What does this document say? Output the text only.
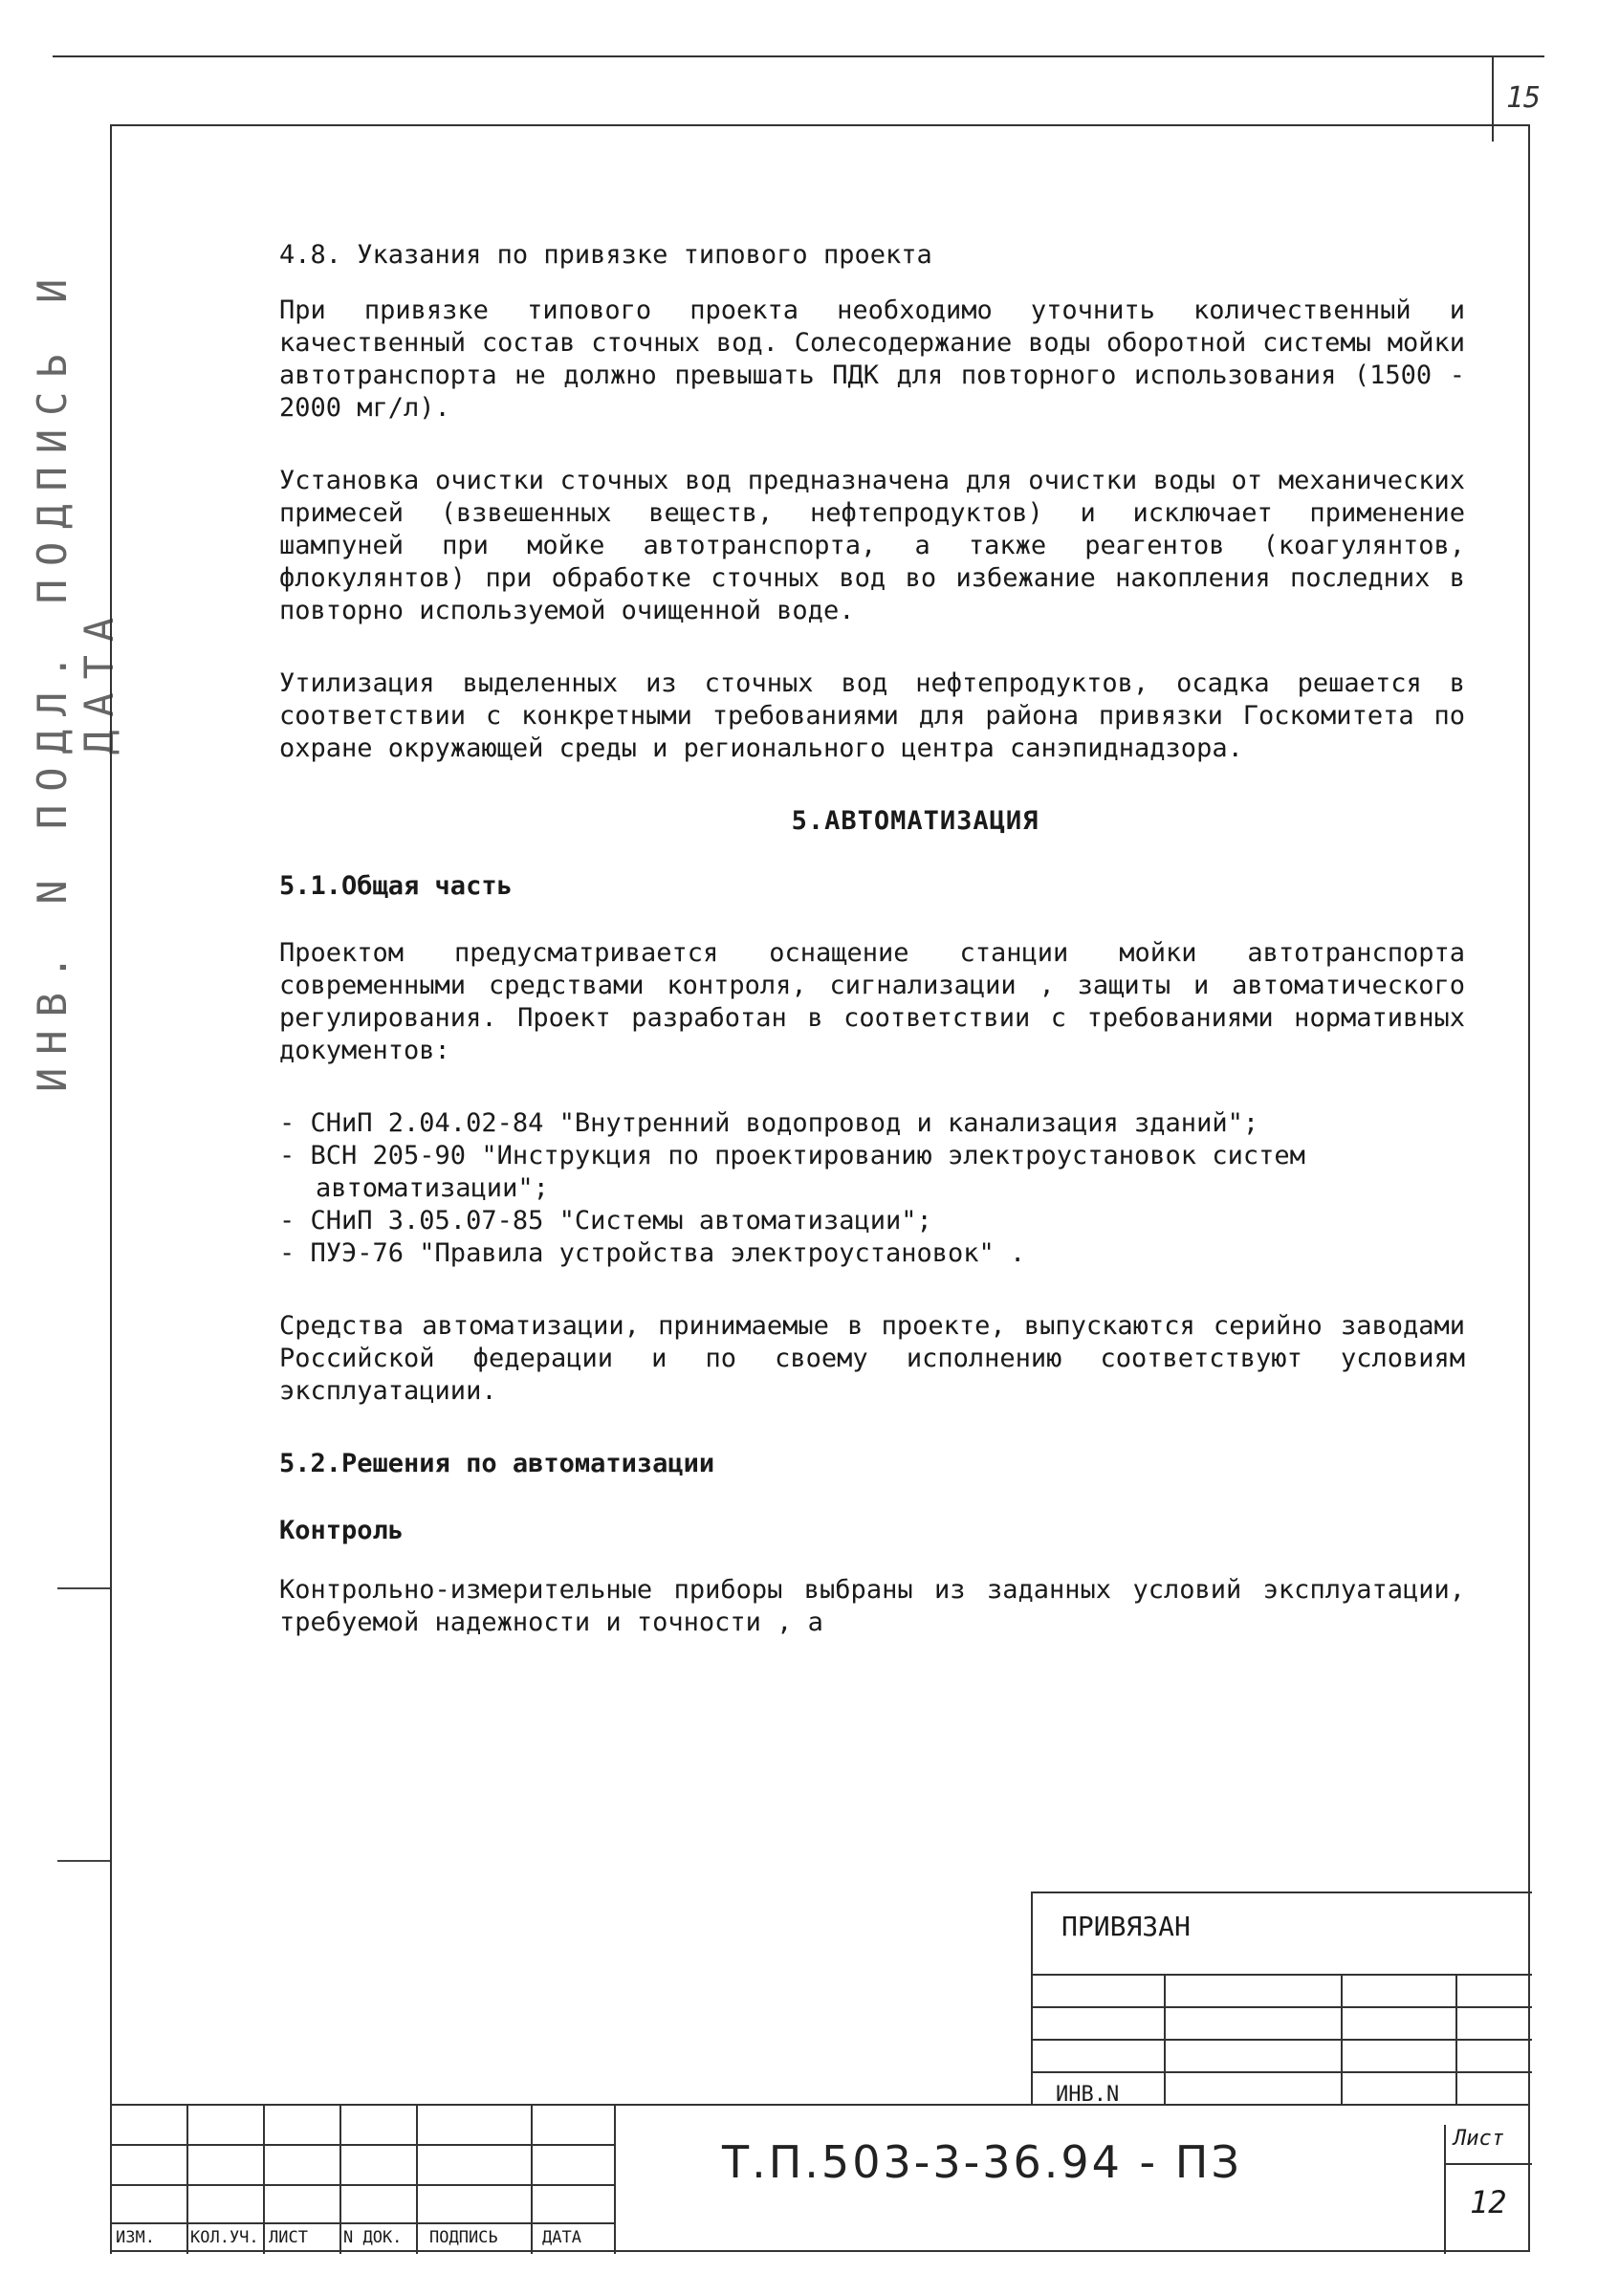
15
ИНВ. N ПОДЛ. ПОДПИСЬ И ДАТА

4.8. Указания по привязке типового проекта

При привязке типового проекта необходимо уточнить количественный и качественный состав сточных вод. Солесодержание воды оборотной системы мойки автотранспорта не должно превышать ПДК для повторного использования (1500 - 2000 мг/л).

Установка очистки сточных вод предназначена для очистки воды от механических примесей (взвешенных веществ, нефтепродуктов) и исключает применение шампуней при мойке автотранспорта, а также реагентов (коагулянтов, флокулянтов) при обработке сточных вод во избежание накопления последних в повторно используемой очищенной воде.

Утилизация выделенных из сточных вод нефтепродуктов, осадка решается в соответствии с конкретными требованиями для района привязки Госкомитета по охране окружающей среды и регионального центра санэпиднадзора.

5.АВТОМАТИЗАЦИЯ

5.1.Общая часть

Проектом предусматривается оснащение станции мойки автотранспорта современными средствами контроля, сигнализации , защиты и автоматического регулирования. Проект разработан в соответствии с требованиями нормативных документов:

- СНиП 2.04.02-84 "Внутренний водопровод и канализация зданий";
- ВСН 205-90 "Инструкция по проектированию электроустановок систем автоматизации";
- СНиП 3.05.07-85 "Системы автоматизации";
- ПУЭ-76 "Правила устройства электроустановок" .

Средства автоматизации, принимаемые в проекте, выпускаются серийно заводами Российской федерации и по своему исполнению соответствуют условиям эксплуатациии.

5.2.Решения по автоматизации

Контроль

Контрольно-измерительные приборы выбраны из заданных условий эксплуатации, требуемой надежности и точности , а

ПРИВЯЗАН
ИНВ.N
ИЗМ. КОЛ.УЧ. ЛИСТ N ДОК. ПОДПИСЬ	ДАТА
Т.П.503-3-36.94 - ПЗ	Лист
12
